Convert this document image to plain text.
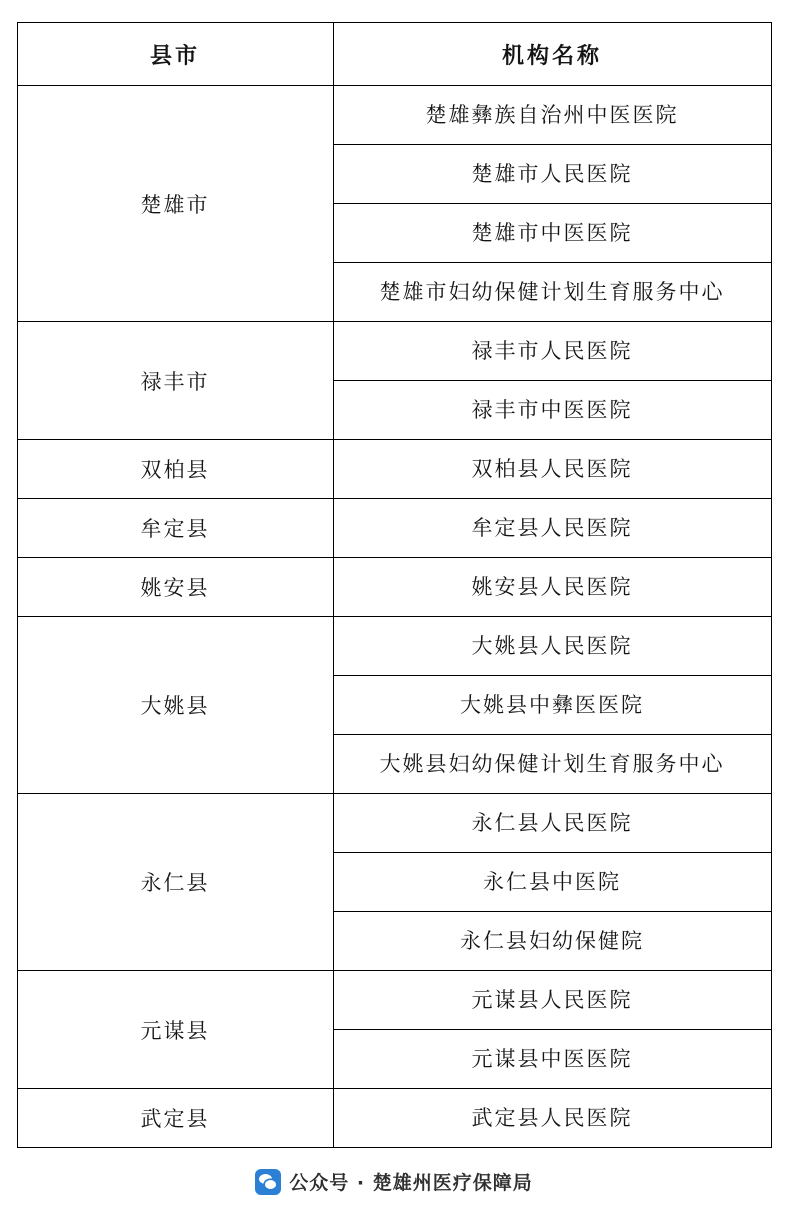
县市	机构名称
楚雄市	楚雄彝族自治州中医医院
	楚雄市人民医院
	楚雄市中医医院
	楚雄市妇幼保健计划生育服务中心
禄丰市	禄丰市人民医院
	禄丰市中医医院
双柏县	双柏县人民医院
牟定县	牟定县人民医院
姚安县	姚安县人民医院
大姚县	大姚县人民医院
	大姚县中彝医医院
	大姚县妇幼保健计划生育服务中心
永仁县	永仁县人民医院
	永仁县中医院
	永仁县妇幼保健院
元谋县	元谋县人民医院
	元谋县中医医院
武定县	武定县人民医院
公众号 · 楚雄州医疗保障局
